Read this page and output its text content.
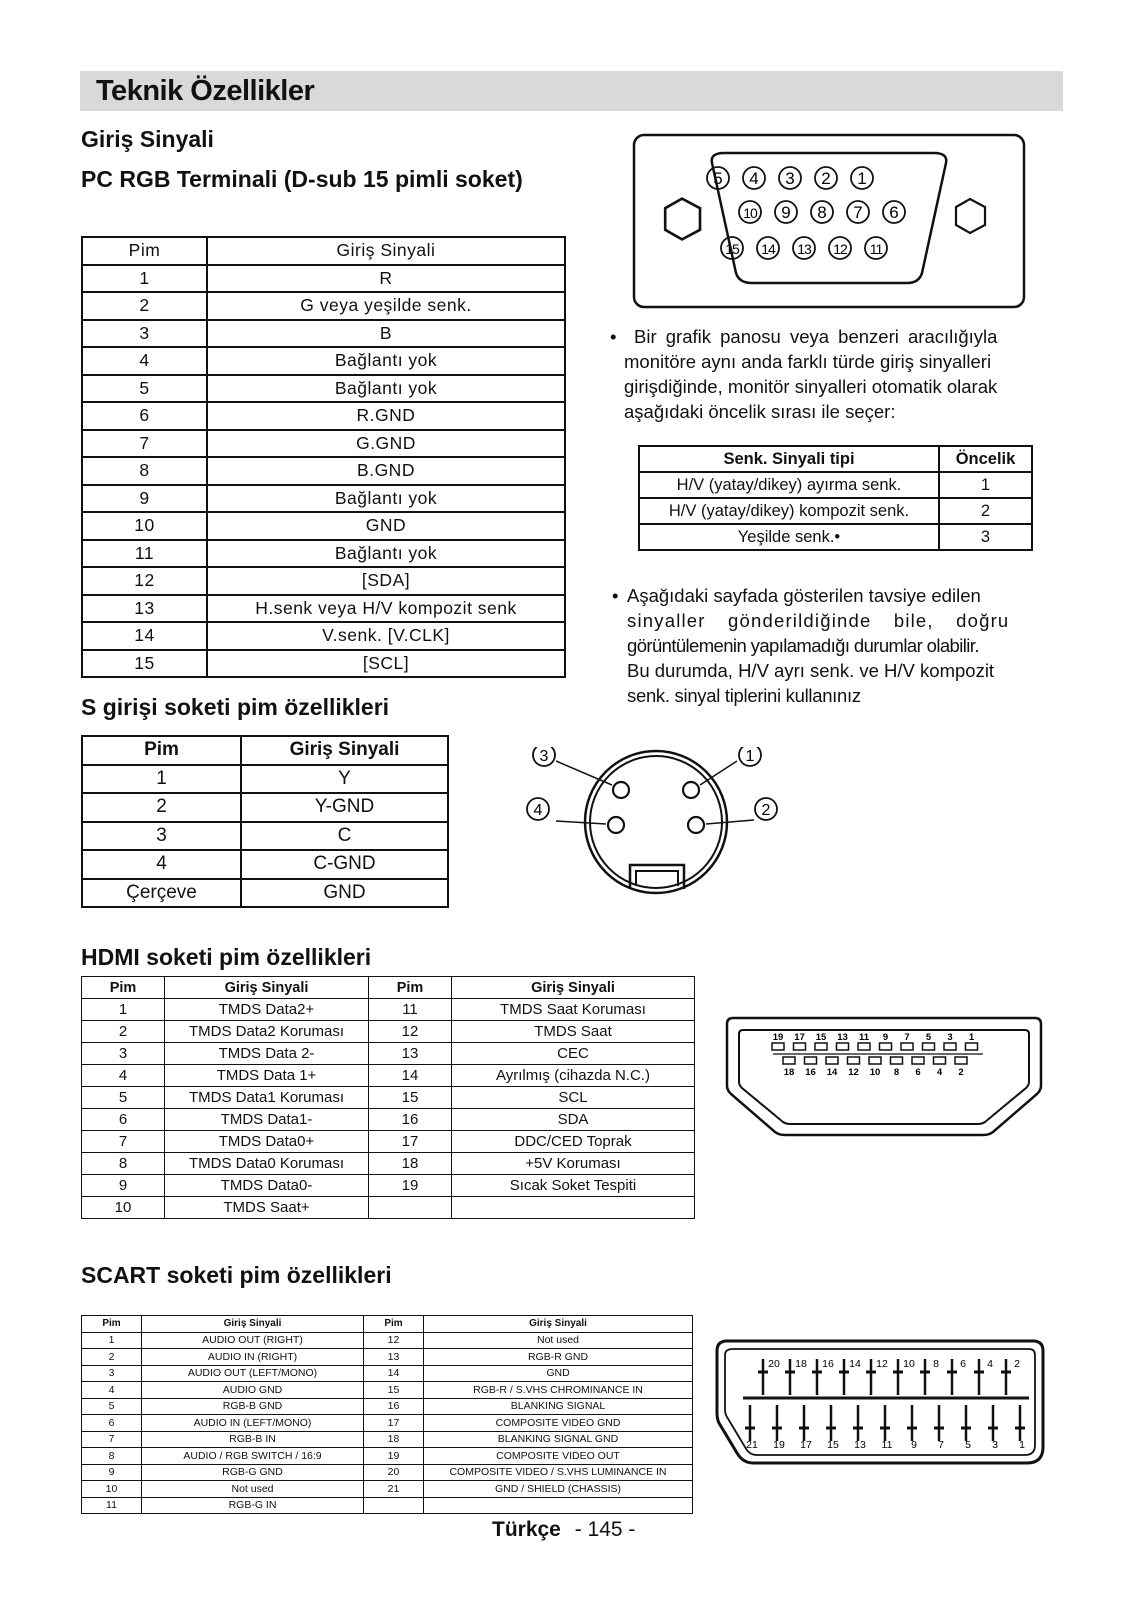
Teknik Özellikler
Giriş Sinyali
PC RGB Terminali (D-sub 15 pimli soket)
Pim	Giriş Sinyali
1	R
2	G veya yeşilde senk.
3	B
4	Bağlantı yok
5	Bağlantı yok
6	R.GND
7	G.GND
8	B.GND
9	Bağlantı yok
10	GND
11	Bağlantı yok
12	[SDA]
13	H.senk veya H/V kompozit senk
14	V.senk. [V.CLK]
15	[SCL]
5 4 3 2 1
10 9 8 7 6
15 14 13 12 11
• Bir grafik panosu veya benzeri aracılığıyla
monitöre aynı anda farklı türde giriş sinyalleri
girişdiğinde, monitör sinyalleri otomatik olarak
aşağıdaki öncelik sırası ile seçer:
Senk. Sinyali tipi	Öncelik
H/V (yatay/dikey) ayırma senk.	1
H/V (yatay/dikey) kompozit senk.	2
Yeşilde senk.•	3
• Aşağıdaki sayfada gösterilen tavsiye edilen
sinyaller gönderildiğinde bile, doğru
görüntülemenin yapılamadığı durumlar olabilir.
Bu durumda, H/V ayrı senk. ve H/V kompozit
senk. sinyal tiplerini kullanınız
S girişi soketi pim özellikleri
Pim	Giriş Sinyali
1	Y
2	Y-GND
3	C
4	C-GND
Çerçeve	GND
3	1
4	2
HDMI soketi pim özellikleri
Pim	Giriş Sinyali	Pim	Giriş Sinyali
1	TMDS Data2+	11	TMDS Saat Koruması
2	TMDS Data2 Koruması	12	TMDS Saat
3	TMDS Data 2-	13	CEC
4	TMDS Data 1+	14	Ayrılmış (cihazda N.C.)
5	TMDS Data1 Koruması	15	SCL
6	TMDS Data1-	16	SDA
7	TMDS Data0+	17	DDC/CED Toprak
8	TMDS Data0 Koruması	18	+5V Koruması
9	TMDS Data0-	19	Sıcak Soket Tespiti
10	TMDS Saat+		
19 17 15 13 11 9 7 5 3 1
18 16 14 12 10 8 6 4 2
SCART soketi pim özellikleri
Pim	Giriş Sinyali	Pim	Giriş Sinyali
1	AUDIO OUT (RIGHT)	12	Not used
2	AUDIO IN (RIGHT)	13	RGB-R GND
3	AUDIO OUT (LEFT/MONO)	14	GND
4	AUDIO GND	15	RGB-R / S.VHS CHROMINANCE IN
5	RGB-B GND	16	BLANKING SIGNAL
6	AUDIO IN (LEFT/MONO)	17	COMPOSITE VIDEO GND
7	RGB-B IN	18	BLANKING SIGNAL GND
8	AUDIO / RGB SWITCH / 16:9	19	COMPOSITE VIDEO OUT
9	RGB-G GND	20	COMPOSITE VIDEO / S.VHS LUMINANCE IN
10	Not used	21	GND / SHIELD (CHASSIS)
11	RGB-G IN		
20 18 16 14 12 10 8 6 4 2
21 19 17 15 13 11 9 7 5 3 1
Türkçe - 145 -
